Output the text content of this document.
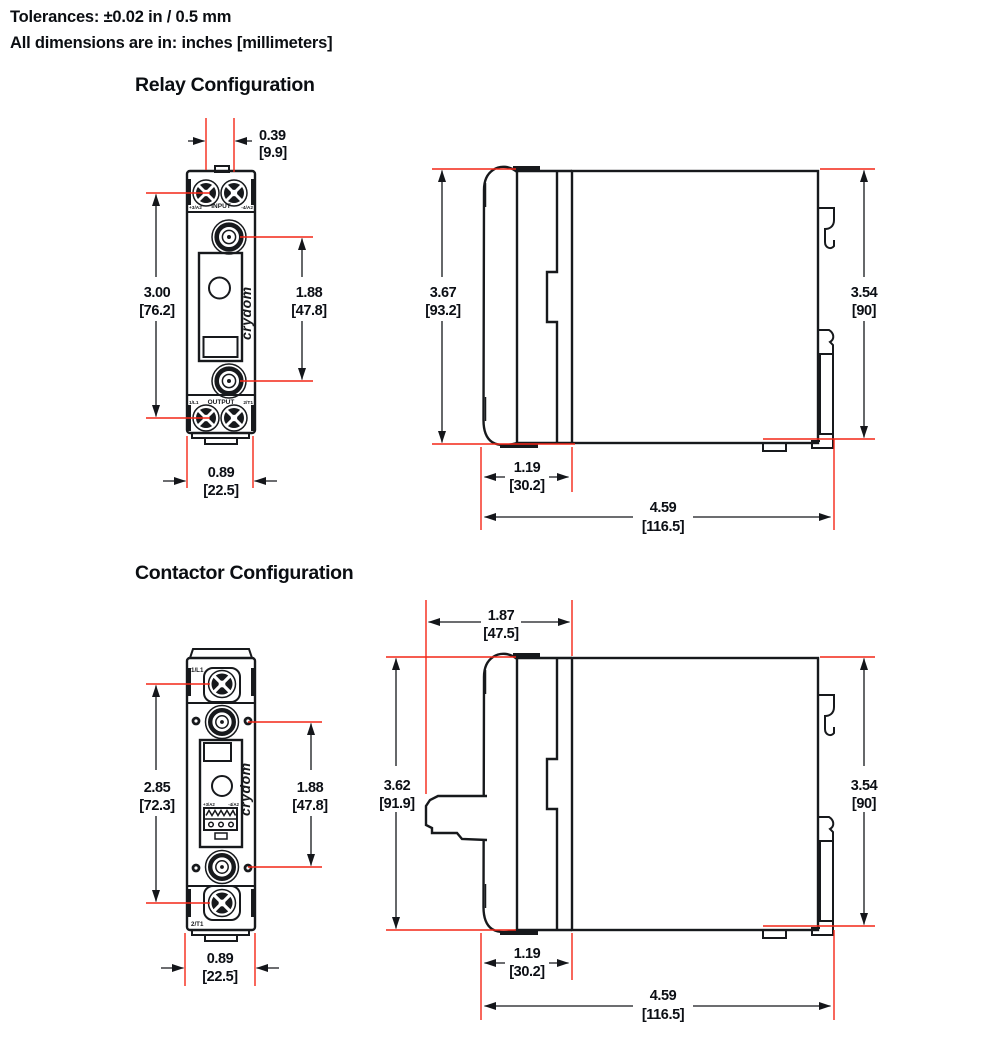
Tolerances: ±0.02 in / 0.5 mm
All dimensions are in: inches [millimeters]
Relay Configuration
Contactor Configuration
+3/A2 INPUT -4/A2
crydom
1/L1 OUTPUT 2/T1
0.39
[9.9]
3.00
[76.2]
1.88
[47.8]
0.89
[22.5]
3.67
[93.2]
3.54
[90]
1.19
[30.2]
4.59
[116.5]
1/L1
+3/A2	-4/A2
crydom
2/T1
2.85
[72.3]
1.88
[47.8]
0.89
[22.5]
1.87
[47.5]
3.62
[91.9]
3.54
[90]
1.19
[30.2]
4.59
[116.5]
